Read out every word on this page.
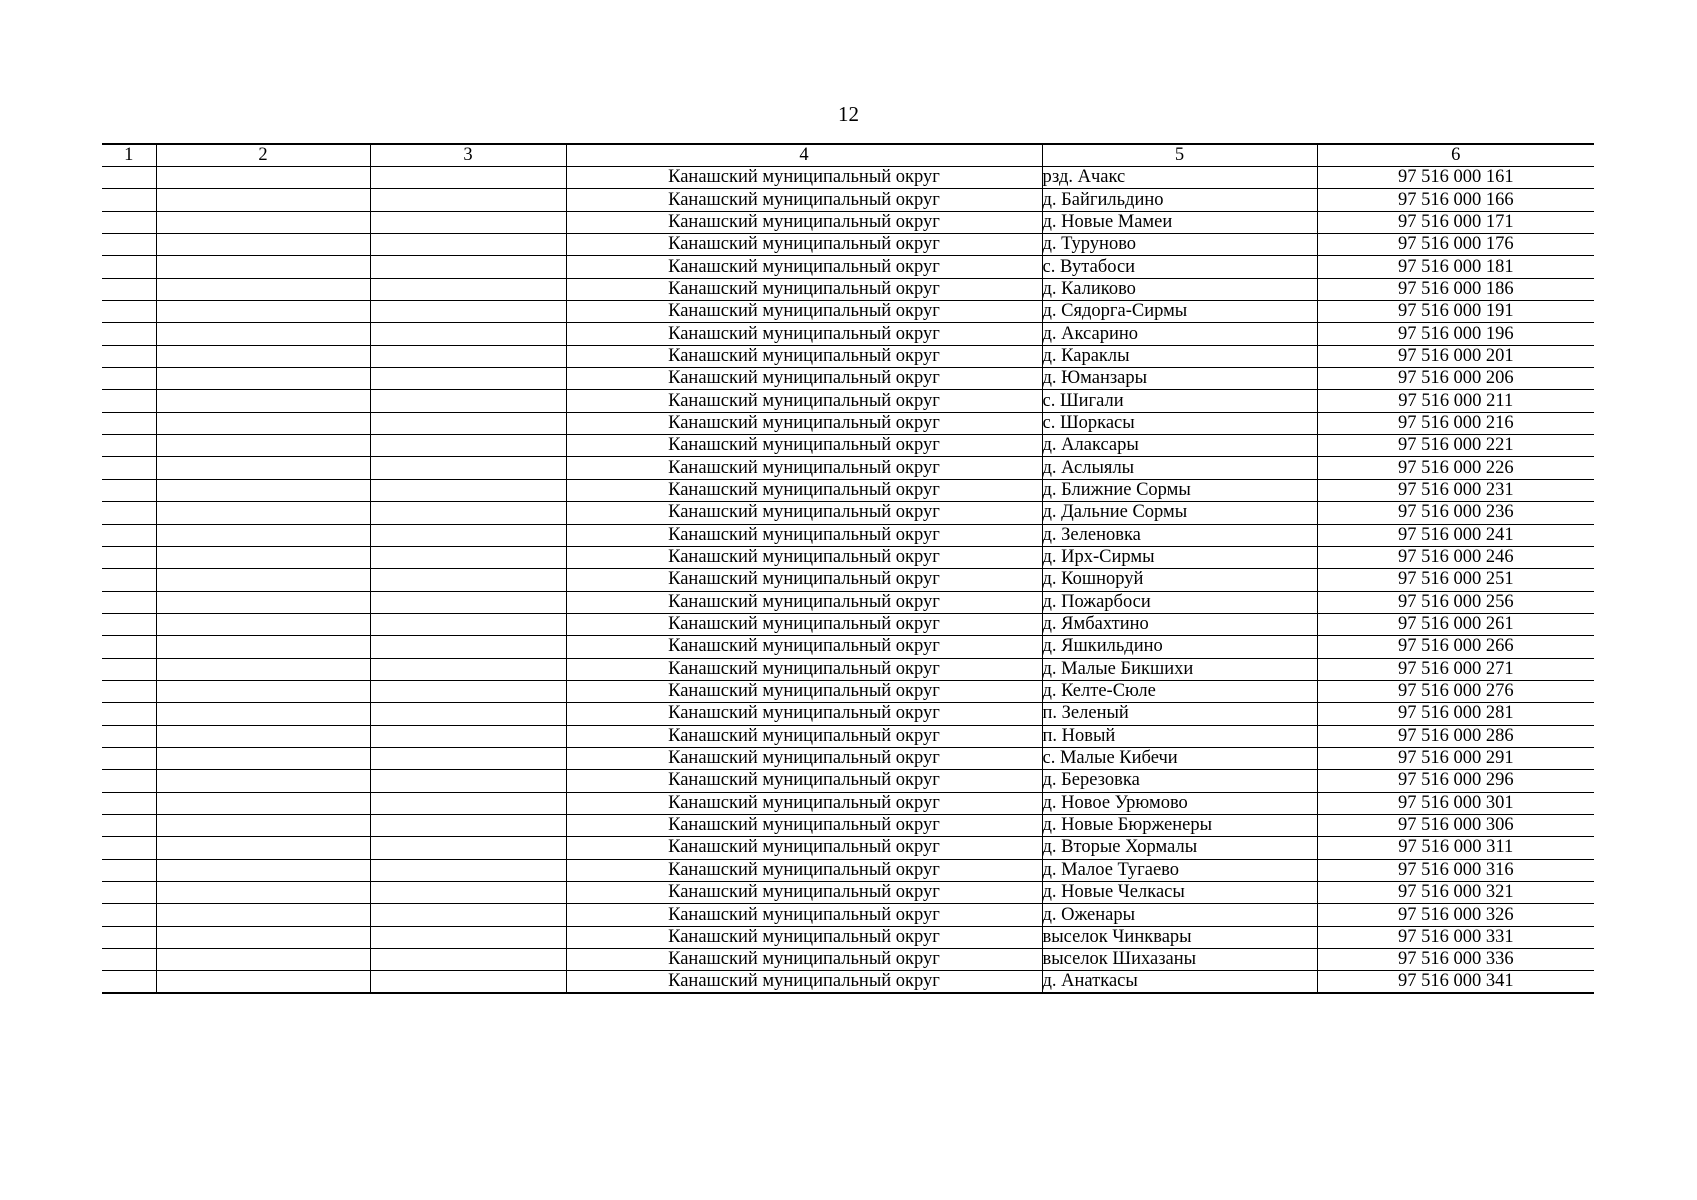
12
1	2	3	4	5	6
			Канашский муниципальный округ	рзд. Ачакс	97 516 000 161
			Канашский муниципальный округ	д. Байгильдино	97 516 000 166
			Канашский муниципальный округ	д. Новые Мамеи	97 516 000 171
			Канашский муниципальный округ	д. Туруново	97 516 000 176
			Канашский муниципальный округ	с. Вутабоси	97 516 000 181
			Канашский муниципальный округ	д. Каликово	97 516 000 186
			Канашский муниципальный округ	д. Сядорга-Сирмы	97 516 000 191
			Канашский муниципальный округ	д. Аксарино	97 516 000 196
			Канашский муниципальный округ	д. Караклы	97 516 000 201
			Канашский муниципальный округ	д. Юманзары	97 516 000 206
			Канашский муниципальный округ	с. Шигали	97 516 000 211
			Канашский муниципальный округ	с. Шоркасы	97 516 000 216
			Канашский муниципальный округ	д. Алаксары	97 516 000 221
			Канашский муниципальный округ	д. Аслыялы	97 516 000 226
			Канашский муниципальный округ	д. Ближние Сормы	97 516 000 231
			Канашский муниципальный округ	д. Дальние Сормы	97 516 000 236
			Канашский муниципальный округ	д. Зеленовка	97 516 000 241
			Канашский муниципальный округ	д. Ирх-Сирмы	97 516 000 246
			Канашский муниципальный округ	д. Кошноруй	97 516 000 251
			Канашский муниципальный округ	д. Пожарбоси	97 516 000 256
			Канашский муниципальный округ	д. Ямбахтино	97 516 000 261
			Канашский муниципальный округ	д. Яшкильдино	97 516 000 266
			Канашский муниципальный округ	д. Малые Бикшихи	97 516 000 271
			Канашский муниципальный округ	д. Келте-Сюле	97 516 000 276
			Канашский муниципальный округ	п. Зеленый	97 516 000 281
			Канашский муниципальный округ	п. Новый	97 516 000 286
			Канашский муниципальный округ	с. Малые Кибечи	97 516 000 291
			Канашский муниципальный округ	д. Березовка	97 516 000 296
			Канашский муниципальный округ	д. Новое Урюмово	97 516 000 301
			Канашский муниципальный округ	д. Новые Бюрженеры	97 516 000 306
			Канашский муниципальный округ	д. Вторые Хормалы	97 516 000 311
			Канашский муниципальный округ	д. Малое Тугаево	97 516 000 316
			Канашский муниципальный округ	д. Новые Челкасы	97 516 000 321
			Канашский муниципальный округ	д. Оженары	97 516 000 326
			Канашский муниципальный округ	выселок Чинквары	97 516 000 331
			Канашский муниципальный округ	выселок Шихазаны	97 516 000 336
			Канашский муниципальный округ	д. Анаткасы	97 516 000 341
